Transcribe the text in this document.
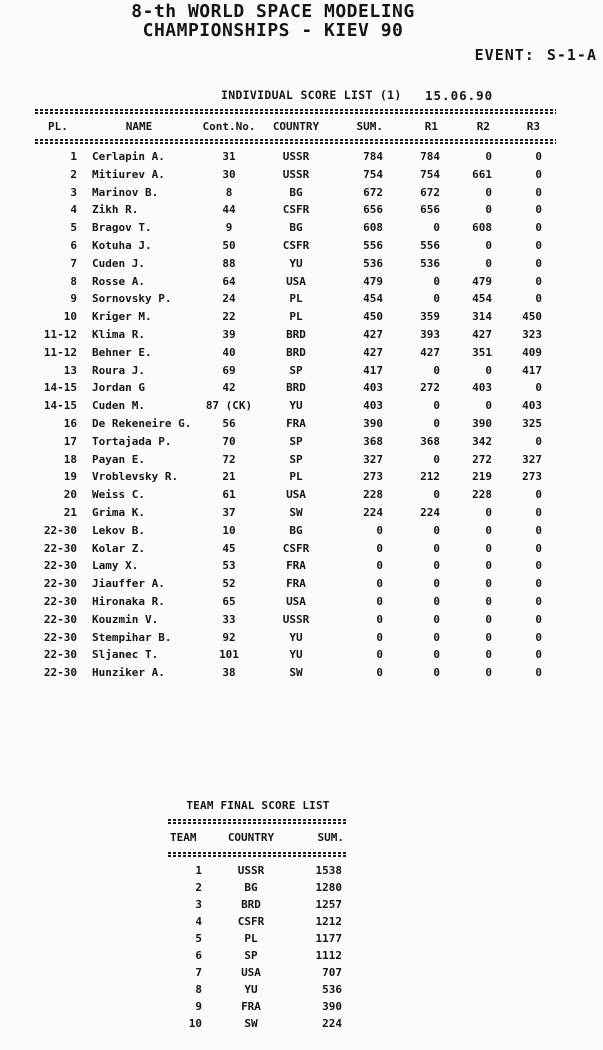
8-th WORLD SPACE MODELING
CHAMPIONSHIPS - KIEV 90
EVENT: S-1-A
INDIVIDUAL SCORE LIST (1) 15.06.90
PL.	NAME	Cont.No.	COUNTRY	SUM.	R1	R2	R3
1	Cerlapin A.	31	USSR	784	784	0	0
2	Mitiurev A.	30	USSR	754	754	661	0
3	Marinov B.	8	BG	672	672	0	0
4	Zikh R.	44	CSFR	656	656	0	0
5	Bragov T.	9	BG	608	0	608	0
6	Kotuha J.	50	CSFR	556	556	0	0
7	Cuden J.	88	YU	536	536	0	0
8	Rosse A.	64	USA	479	0	479	0
9	Sornovsky P.	24	PL	454	0	454	0
10	Kriger M.	22	PL	450	359	314	450
11-12	Klima R.	39	BRD	427	393	427	323
11-12	Behner E.	40	BRD	427	427	351	409
13	Roura J.	69	SP	417	0	0	417
14-15	Jordan G	42	BRD	403	272	403	0
14-15	Cuden M.	87 (CK)	YU	403	0	0	403
16	De Rekeneire G.	56	FRA	390	0	390	325
17	Tortajada P.	70	SP	368	368	342	0
18	Payan E.	72	SP	327	0	272	327
19	Vroblevsky R.	21	PL	273	212	219	273
20	Weiss C.	61	USA	228	0	228	0
21	Grima K.	37	SW	224	224	0	0
22-30	Lekov B.	10	BG	0	0	0	0
22-30	Kolar Z.	45	CSFR	0	0	0	0
22-30	Lamy X.	53	FRA	0	0	0	0
22-30	Jiauffer A.	52	FRA	0	0	0	0
22-30	Hironaka R.	65	USA	0	0	0	0
22-30	Kouzmin V.	33	USSR	0	0	0	0
22-30	Stempihar B.	92	YU	0	0	0	0
22-30	Sljanec T.	101	YU	0	0	0	0
22-30	Hunziker A.	38	SW	0	0	0	0
TEAM FINAL SCORE LIST
TEAM	COUNTRY	SUM.
1	USSR	1538
2	BG	1280
3	BRD	1257
4	CSFR	1212
5	PL	1177
6	SP	1112
7	USA	707
8	YU	536
9	FRA	390
10	SW	224
